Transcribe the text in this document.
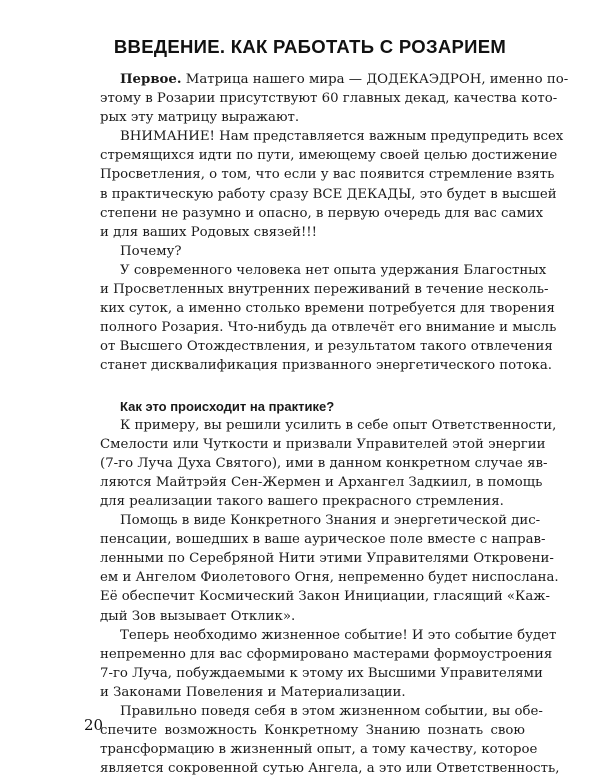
ВВЕДЕНИЕ. КАК РАБОТАТЬ С РОЗАРИЕМ
Первое. Матрица нашего мира — ДОДЕКАЭДРОН, именно по-
этому в Розарии присутствуют 60 главных декад, качества кото-
рых эту матрицу выражают.
ВНИМАНИЕ! Нам представляется важным предупредить всех
стремящихся идти по пути, имеющему своей целью достижение
Просветления, о том, что если у вас появится стремление взять
в практическую работу сразу ВСЕ ДЕКАДЫ, это будет в высшей
степени не разумно и опасно, в первую очередь для вас самих
и для ваших Родовых связей!!!
Почему?
У современного человека нет опыта удержания Благостных
и Просветленных внутренних переживаний в течение несколь-
ких суток, а именно столько времени потребуется для творения
полного Розария. Что-нибудь да отвлечёт его внимание и мысль
от Высшего Отождествления, и результатом такого отвлечения
станет дисквалификация призванного энергетического потока.
Как это происходит на практике?
К примеру, вы решили усилить в себе опыт Ответственности,
Смелости или Чуткости и призвали Управителей этой энергии
(7-го Луча Духа Святого), ими в данном конкретном случае яв-
ляются Майтрэйя Сен-Жермен и Архангел Задкиил, в помощь
для реализации такого вашего прекрасного стремления.
Помощь в виде Конкретного Знания и энергетической дис-
пенсации, вошедших в ваше аурическое поле вместе с направ-
ленными по Серебряной Нити этими Управителями Откровени-
ем и Ангелом Фиолетового Огня, непременно будет ниспослана.
Её обеспечит Космический Закон Инициации, гласящий «Каж-
дый Зов вызывает Отклик».
Теперь необходимо жизненное событие! И это событие будет
непременно для вас сформировано мастерами формоустроения
7-го Луча, побуждаемыми к этому их Высшими Управителями
и Законами Повеления и Материализации.
Правильно поведя себя в этом жизненном событии, вы обе-
спечите возможность Конкретному Знанию познать свою
трансформацию в жизненный опыт, а тому качеству, которое
является сокровенной сутью Ангела, а это или Ответственность,
20
